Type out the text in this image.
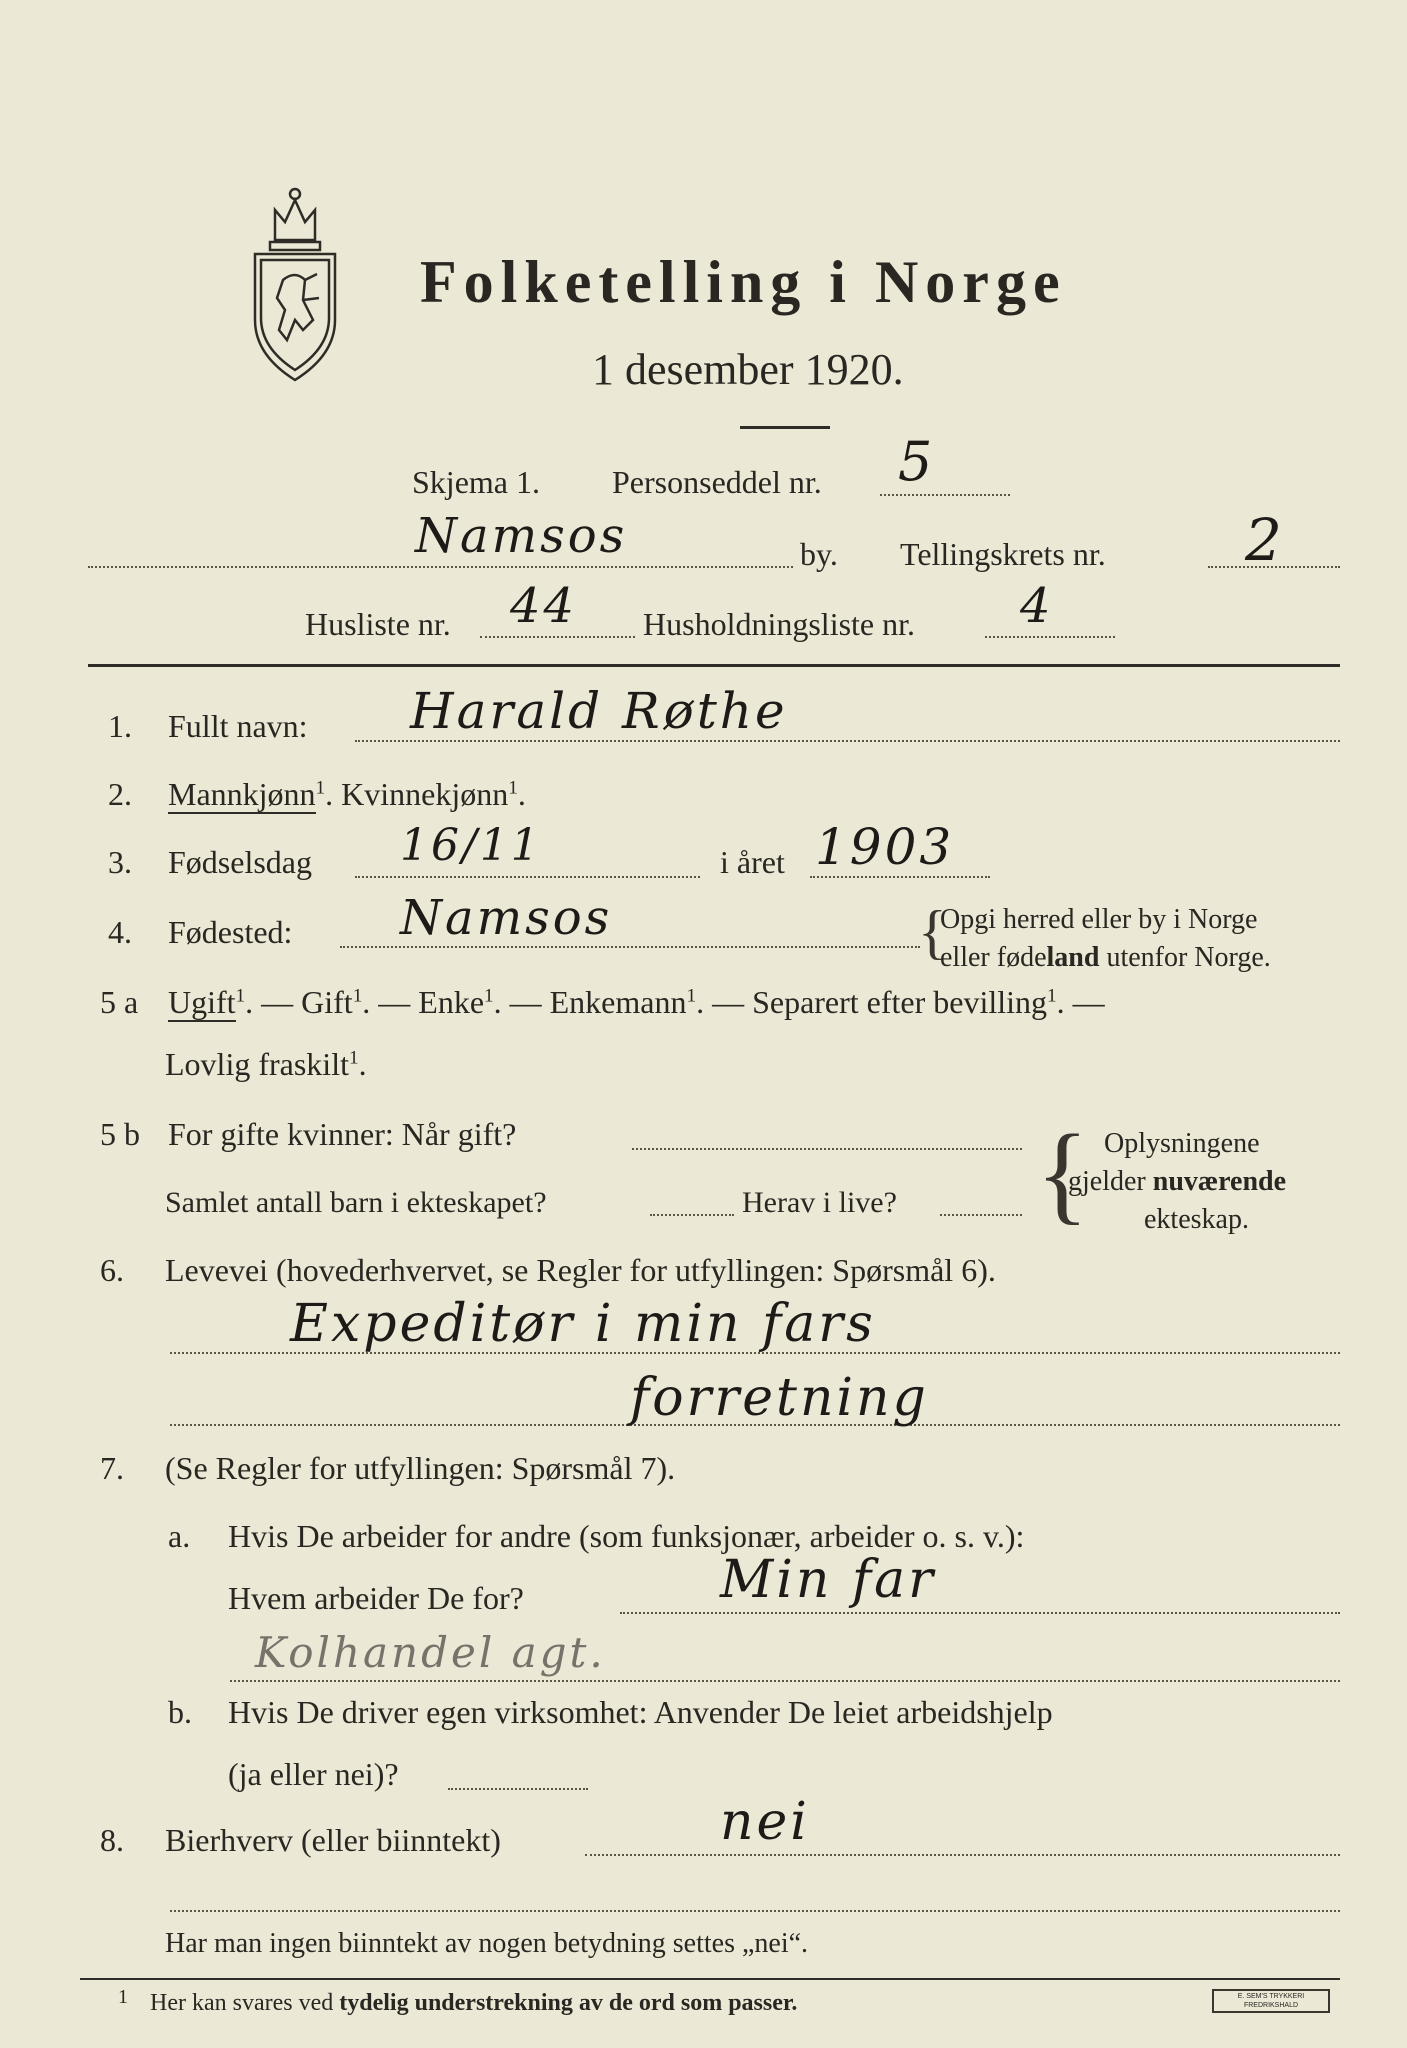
Folketelling i Norge
1 desember 1920.
Skjema 1. Personseddel nr. 5
Namsos	by. Tellingskrets nr. 2
Husliste nr. 44 Husholdningsliste nr. 4
1. Fullt navn: Harald Røthe
2. Mannkjønn$^1$. Kvinnekjønn$^1$.
3. Fødselsdag 16/11	i året 1903
4. Fødested: Namsos	{
Opgi herred eller by i Norge
eller fødeland utenfor Norge.
5 a Ugift$^1$. — Gift$^1$. — Enke$^1$. — Enkemann$^1$. — Separert efter bevilling$^1$. —
Lovlig fraskilt$^1$.
5 b For gifte kvinner: Når gift?
Samlet antall barn i ekteskapet?	Herav i live? { Oplysningene
gjelder nuværende
ekteskap.
6. Levevei (hovederhvervet, se Regler for utfyllingen: Spørsmål 6).
Expeditør i min fars
forretning
7. (Se Regler for utfyllingen: Spørsmål 7).
a. Hvis De arbeider for andre (som funksjonær, arbeider o. s. v.):
Hvem arbeider De for?	Min far
Kolhandel agt.
b. Hvis De driver egen virksomhet: Anvender De leiet arbeidshjelp
(ja eller nei)?
8. Bierhverv (eller biinntekt)	nei
Har man ingen biinntekt av nogen betydning settes „nei“.
1 Her kan svares ved tydelig understrekning av de ord som passer.	E. SEM'S TRYKKERI FREDRIKSHALD
